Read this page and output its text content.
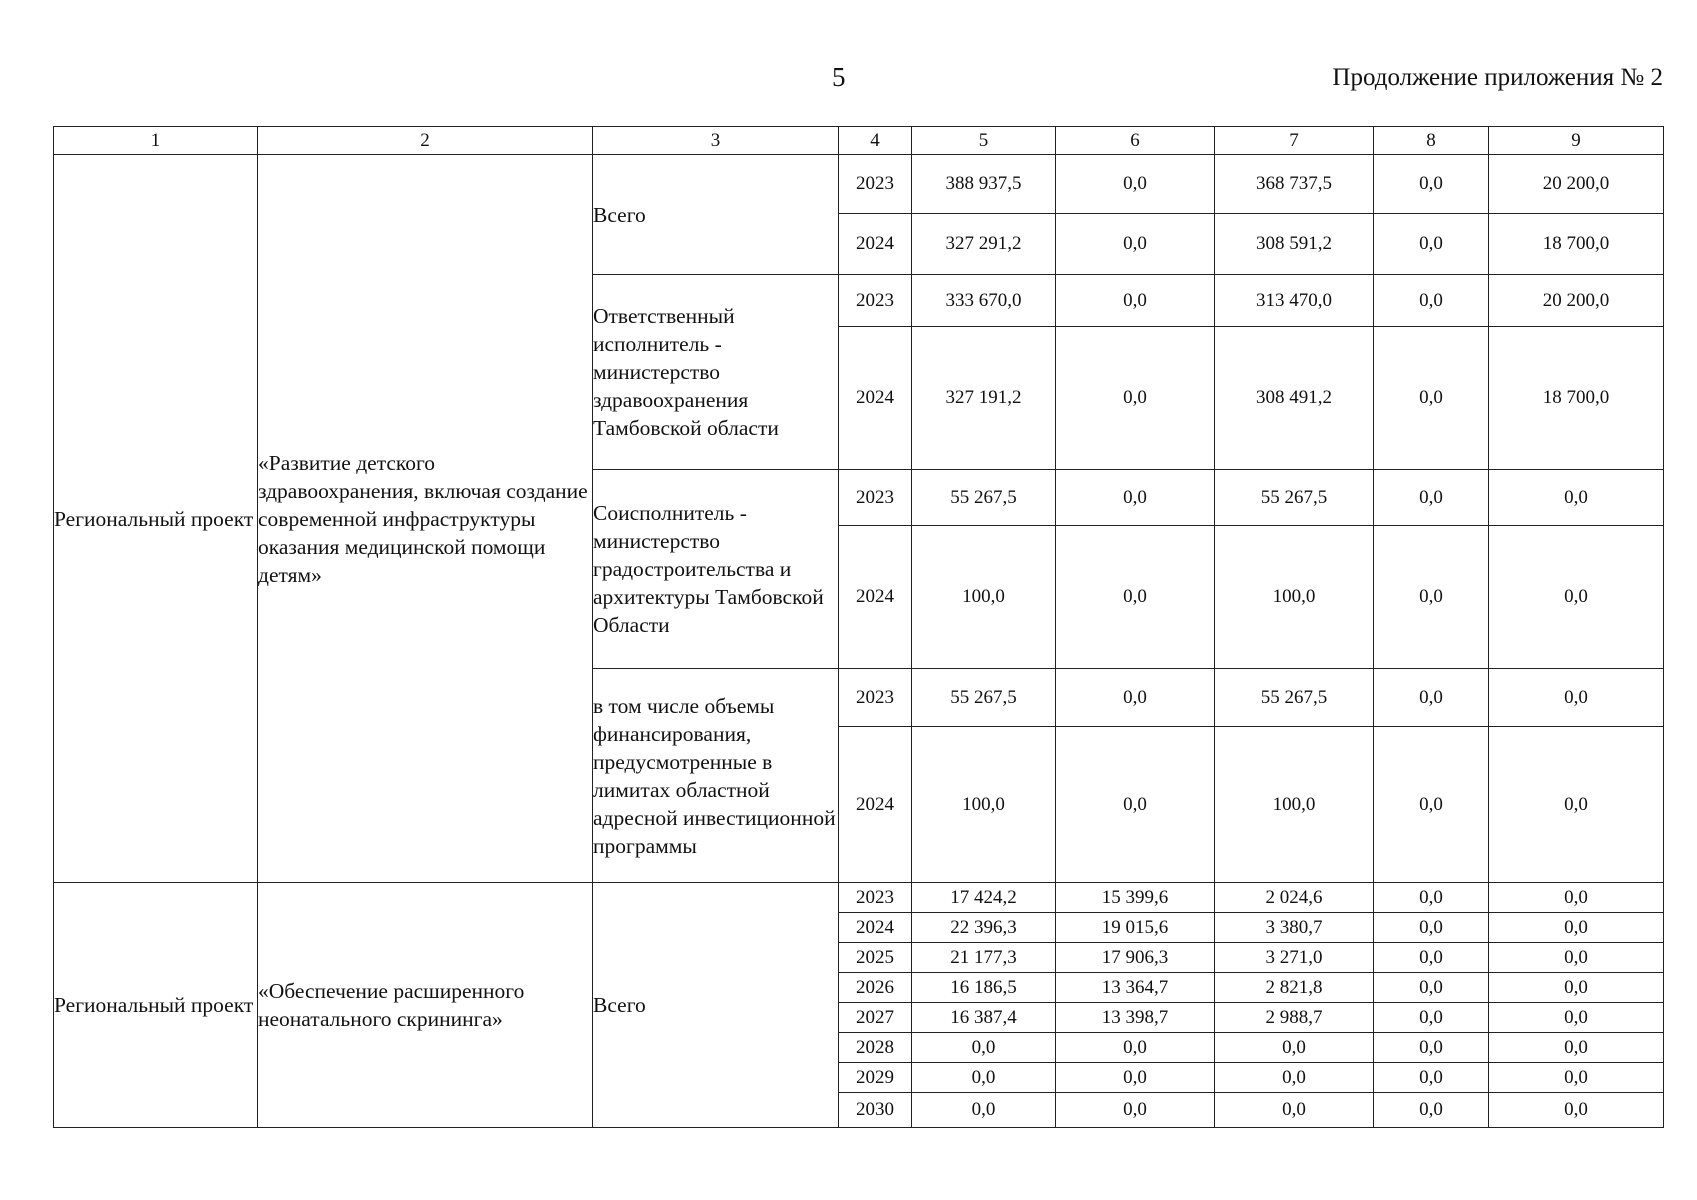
5	Продолжение приложения № 2
1	2	3	4	5	6	7	8	9
Региональный проект	«Развитие детского здравоохранения, включая создание современной инфраструктуры оказания медицинской помощи детям»	Всего	2023	388 937,5	0,0	368 737,5	0,0	20 200,0
			2024	327 291,2	0,0	308 591,2	0,0	18 700,0
		Ответственный исполнитель - министерство здравоохранения Тамбовской области	2023	333 670,0	0,0	313 470,0	0,0	20 200,0
			2024	327 191,2	0,0	308 491,2	0,0	18 700,0
		Соисполнитель - министерство градостроительства и архитектуры Тамбовской Области	2023	55 267,5	0,0	55 267,5	0,0	0,0
			2024	100,0	0,0	100,0	0,0	0,0
		в том числе объемы финансирования, предусмотренные в лимитах областной адресной инвестиционной программы	2023	55 267,5	0,0	55 267,5	0,0	0,0
			2024	100,0	0,0	100,0	0,0	0,0
Региональный проект	«Обеспечение расширенного неонатального скрининга»	Всего	2023	17 424,2	15 399,6	2 024,6	0,0	0,0
			2024	22 396,3	19 015,6	3 380,7	0,0	0,0
			2025	21 177,3	17 906,3	3 271,0	0,0	0,0
			2026	16 186,5	13 364,7	2 821,8	0,0	0,0
			2027	16 387,4	13 398,7	2 988,7	0,0	0,0
			2028	0,0	0,0	0,0	0,0	0,0
			2029	0,0	0,0	0,0	0,0	0,0
			2030	0,0	0,0	0,0	0,0	0,0
